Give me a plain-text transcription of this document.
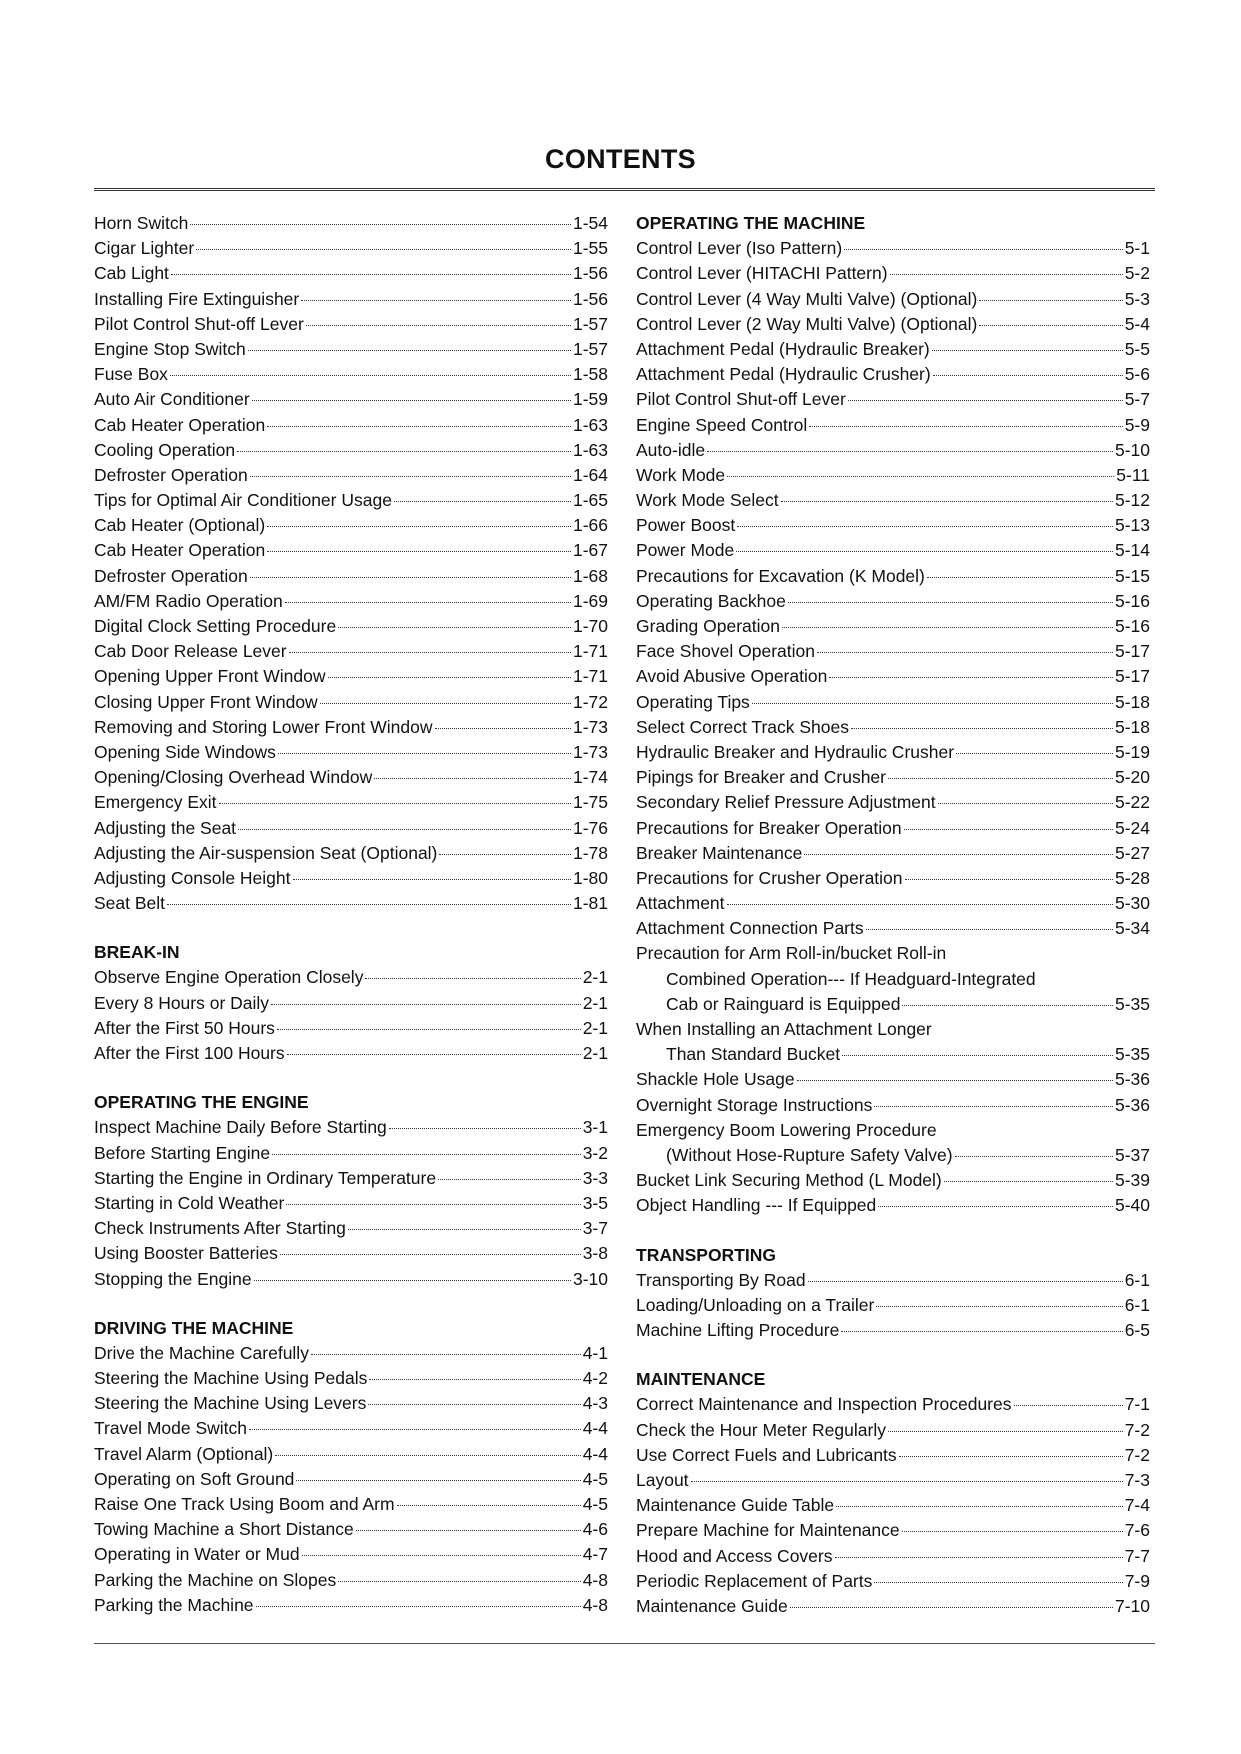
CONTENTS
Horn Switch	1-54
Cigar Lighter	1-55
Cab Light	1-56
Installing Fire Extinguisher	1-56
Pilot Control Shut-off Lever	1-57
Engine Stop Switch	1-57
Fuse Box	1-58
Auto Air Conditioner	1-59
Cab Heater Operation	1-63
Cooling Operation	1-63
Defroster Operation	1-64
Tips for Optimal Air Conditioner Usage	1-65
Cab Heater (Optional)	1-66
Cab Heater Operation	1-67
Defroster Operation	1-68
AM/FM Radio Operation	1-69
Digital Clock Setting Procedure	1-70
Cab Door Release Lever	1-71
Opening Upper Front Window	1-71
Closing Upper Front Window	1-72
Removing and Storing Lower Front Window	1-73
Opening Side Windows	1-73
Opening/Closing Overhead Window	1-74
Emergency Exit	1-75
Adjusting the Seat	1-76
Adjusting the Air-suspension Seat (Optional)	1-78
Adjusting Console Height	1-80
Seat Belt	1-81
BREAK-IN
Observe Engine Operation Closely	2-1
Every 8 Hours or Daily	2-1
After the First 50 Hours	2-1
After the First 100 Hours	2-1
OPERATING THE ENGINE
Inspect Machine Daily Before Starting	3-1
Before Starting Engine	3-2
Starting the Engine in Ordinary Temperature	3-3
Starting in Cold Weather	3-5
Check Instruments After Starting	3-7
Using Booster Batteries	3-8
Stopping the Engine	3-10
DRIVING THE MACHINE
Drive the Machine Carefully	4-1
Steering the Machine Using Pedals	4-2
Steering the Machine Using Levers	4-3
Travel Mode Switch	4-4
Travel Alarm (Optional)	4-4
Operating on Soft Ground	4-5
Raise One Track Using Boom and Arm	4-5
Towing Machine a Short Distance	4-6
Operating in Water or Mud	4-7
Parking the Machine on Slopes	4-8
Parking the Machine	4-8
OPERATING THE MACHINE
Control Lever (Iso Pattern)	5-1
Control Lever (HITACHI Pattern)	5-2
Control Lever (4 Way Multi Valve) (Optional)	5-3
Control Lever (2 Way Multi Valve) (Optional)	5-4
Attachment Pedal (Hydraulic Breaker)	5-5
Attachment Pedal (Hydraulic Crusher)	5-6
Pilot Control Shut-off Lever	5-7
Engine Speed Control	5-9
Auto-idle	5-10
Work Mode	5-11
Work Mode Select	5-12
Power Boost	5-13
Power Mode	5-14
Precautions for Excavation (K Model)	5-15
Operating Backhoe	5-16
Grading Operation	5-16
Face Shovel Operation	5-17
Avoid Abusive Operation	5-17
Operating Tips	5-18
Select Correct Track Shoes	5-18
Hydraulic Breaker and Hydraulic Crusher	5-19
Pipings for Breaker and Crusher	5-20
Secondary Relief Pressure Adjustment	5-22
Precautions for Breaker Operation	5-24
Breaker Maintenance	5-27
Precautions for Crusher Operation	5-28
Attachment	5-30
Attachment Connection Parts	5-34
Precaution for Arm Roll-in/bucket Roll-in
Combined Operation--- If Headguard-Integrated
Cab or Rainguard is Equipped	5-35
When Installing an Attachment Longer
Than Standard Bucket	5-35
Shackle Hole Usage	5-36
Overnight Storage Instructions	5-36
Emergency Boom Lowering Procedure
(Without Hose-Rupture Safety Valve)	5-37
Bucket Link Securing Method (L Model)	5-39
Object Handling --- If Equipped	5-40
TRANSPORTING
Transporting By Road	6-1
Loading/Unloading on a Trailer	6-1
Machine Lifting Procedure	6-5
MAINTENANCE
Correct Maintenance and Inspection Procedures	7-1
Check the Hour Meter Regularly	7-2
Use Correct Fuels and Lubricants	7-2
Layout	7-3
Maintenance Guide Table	7-4
Prepare Machine for Maintenance	7-6
Hood and Access Covers	7-7
Periodic Replacement of Parts	7-9
Maintenance Guide	7-10
